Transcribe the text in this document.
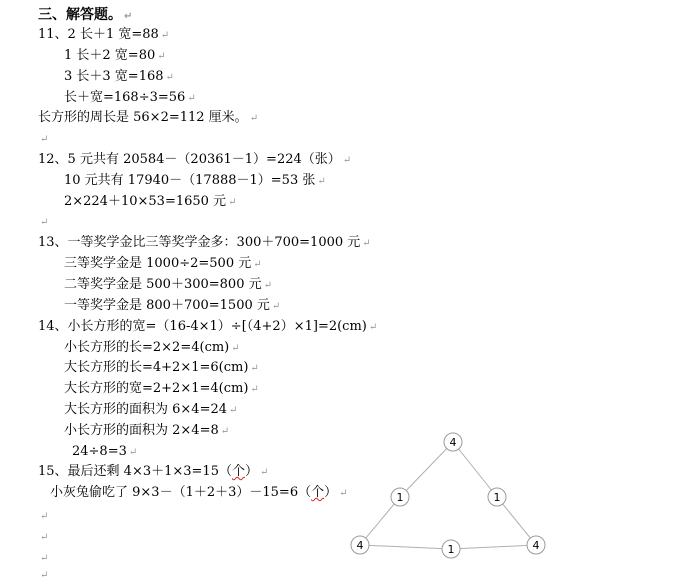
三、解答题。 ↵
11、2 长＋1 宽=88 ↵
1 长＋2 宽=80 ↵
3 长＋3 宽=168 ↵
长＋宽=168÷3=56 ↵
长方形的周长是 56×2=112 厘米。 ↵
↵
12、5 元共有 20584－（20361－1）=224（张） ↵
10 元共有 17940－（17888－1）=53 张 ↵
2×224＋10×53=1650 元 ↵
↵
13、一等奖学金比三等奖学金多：300＋700=1000 元 ↵
三等奖学金是 1000÷2=500 元 ↵
二等奖学金是 500＋300=800 元 ↵
一等奖学金是 800＋700=1500 元 ↵
14、小长方形的宽=（16-4×1）÷[（4+2）×1]=2(cm) ↵
小长方形的长=2×2=4(cm) ↵
大长方形的长=4+2×1=6(cm) ↵
大长方形的宽=2+2×1=4(cm) ↵
大长方形的面积为 6×4=24 ↵
小长方形的面积为 2×4=8 ↵
24÷8=3 ↵
15、最后还剩 4×3＋1×3=15（个） ↵
小灰兔偷吃了 9×3－（1＋2＋3）－15=6（个） ↵
↵
↵
↵
↵
4
1	1
4	1	4
